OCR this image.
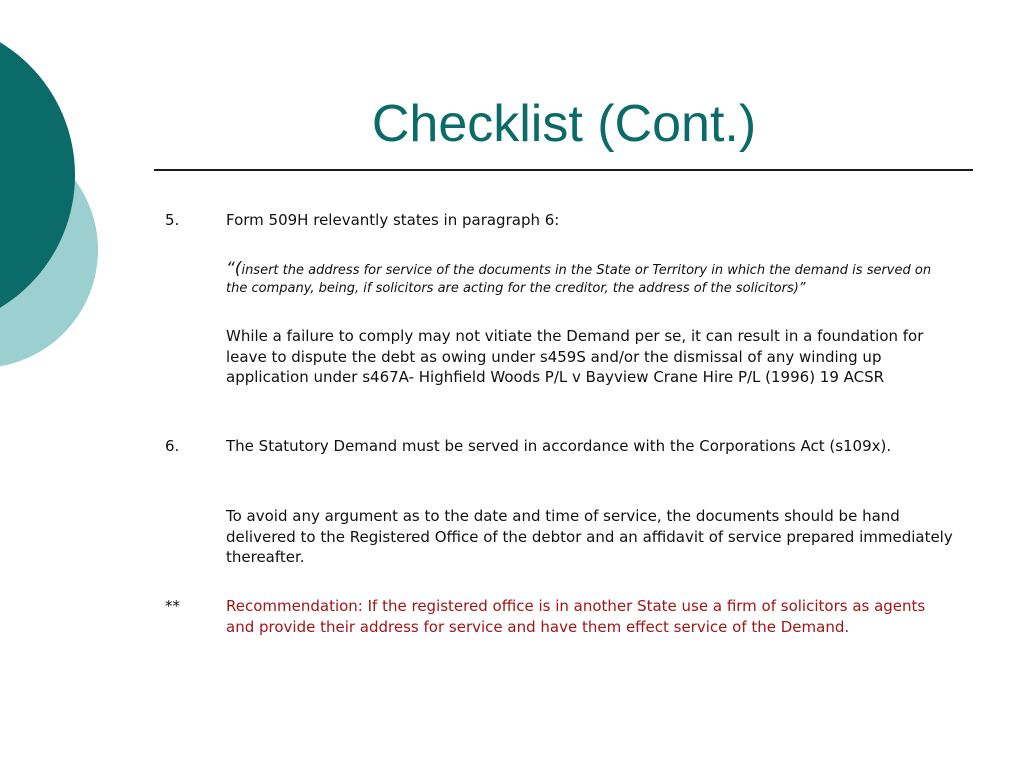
Checklist (Cont.)
5.	Form 509H relevantly states in paragraph 6:
“(insert the address for service of the documents in the State or Territory in which the demand is served on the company, being, if solicitors are acting for the creditor, the address of the solicitors)”
While a failure to comply may not vitiate the Demand per se, it can result in a foundation for leave to dispute the debt as owing under s459S and/or the dismissal of any winding up application under s467A- Highfield Woods P/L v Bayview Crane Hire P/L (1996) 19 ACSR
6.	The Statutory Demand must be served in accordance with the Corporations Act (s109x).
To avoid any argument as to the date and time of service, the documents should be hand delivered to the Registered Office of the debtor and an affidavit of service prepared immediately thereafter.
**	Recommendation: If the registered office is in another State use a firm of solicitors as agents and provide their address for service and have them effect service of the Demand.
